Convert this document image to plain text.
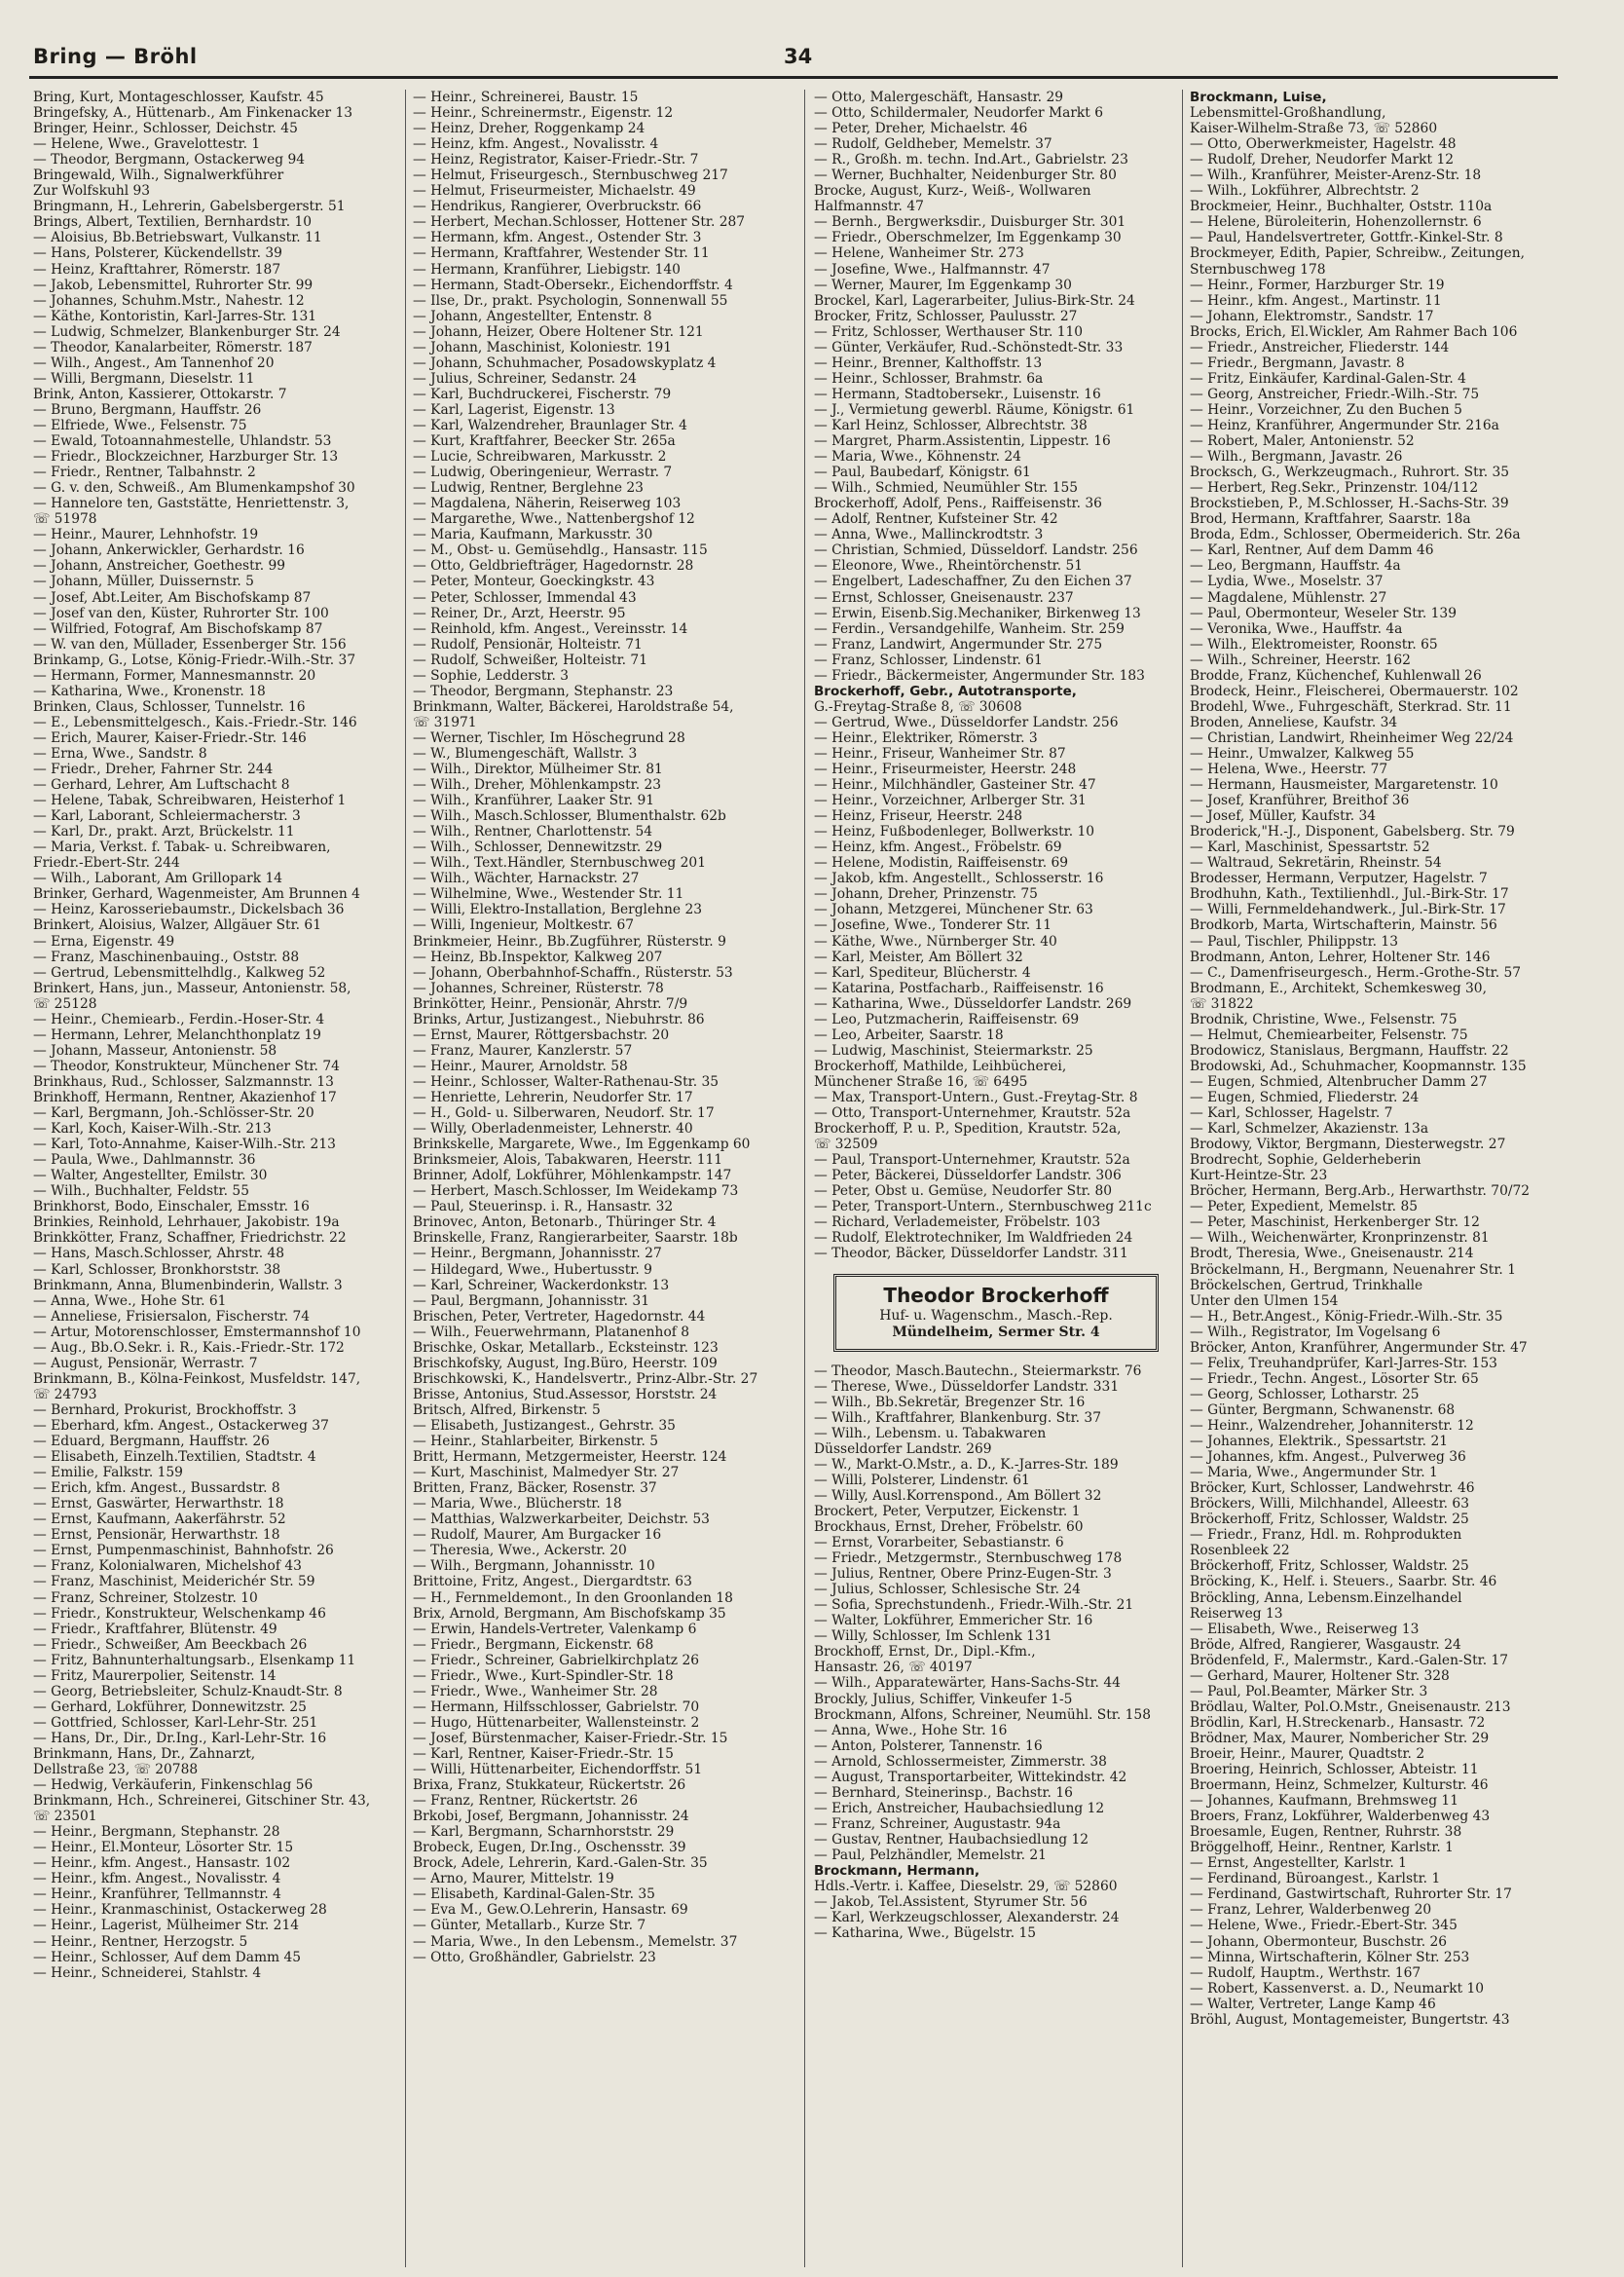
Bring — Bröhl	34
Bring, Kurt, Montageschlosser, Kaufstr. 45
Bringefsky, A., Hüttenarb., Am Finkenacker 13
Bringer, Heinr., Schlosser, Deichstr. 45
— Helene, Wwe., Gravelottestr. 1
— Theodor, Bergmann, Ostackerweg 94
Bringewald, Wilh., Signalwerkführer
Zur Wolfskuhl 93
Bringmann, H., Lehrerin, Gabelsbergerstr. 51
Brings, Albert, Textilien, Bernhardstr. 10
— Aloisius, Bb.Betriebswart, Vulkanstr. 11
— Hans, Polsterer, Kückendellstr. 39
— Heinz, Krafttahrer, Römerstr. 187
— Jakob, Lebensmittel, Ruhrorter Str. 99
— Johannes, Schuhm.Mstr., Nahestr. 12
— Käthe, Kontoristin, Karl-Jarres-Str. 131
— Ludwig, Schmelzer, Blankenburger Str. 24
— Theodor, Kanalarbeiter, Römerstr. 187
— Wilh., Angest., Am Tannenhof 20
— Willi, Bergmann, Dieselstr. 11
Brink, Anton, Kassierer, Ottokarstr. 7
— Bruno, Bergmann, Hauffstr. 26
— Elfriede, Wwe., Felsenstr. 75
— Ewald, Totoannahmestelle, Uhlandstr. 53
— Friedr., Blockzeichner, Harzburger Str. 13
— Friedr., Rentner, Talbahnstr. 2
— G. v. den, Schweiß., Am Blumenkampshof 30
— Hannelore ten, Gaststätte, Henriettenstr. 3,
☏ 51978
— Heinr., Maurer, Lehnhofstr. 19
— Johann, Ankerwickler, Gerhardstr. 16
— Johann, Anstreicher, Goethestr. 99
— Johann, Müller, Duissernstr. 5
— Josef, Abt.Leiter, Am Bischofskamp 87
— Josef van den, Küster, Ruhrorter Str. 100
— Wilfried, Fotograf, Am Bischofskamp 87
— W. van den, Müllader, Essenberger Str. 156
Brinkamp, G., Lotse, König-Friedr.-Wilh.-Str. 37
— Hermann, Former, Mannesmannstr. 20
— Katharina, Wwe., Kronenstr. 18
Brinken, Claus, Schlosser, Tunnelstr. 16
— E., Lebensmittelgesch., Kais.-Friedr.-Str. 146
— Erich, Maurer, Kaiser-Friedr.-Str. 146
— Erna, Wwe., Sandstr. 8
— Friedr., Dreher, Fahrner Str. 244
— Gerhard, Lehrer, Am Luftschacht 8
— Helene, Tabak, Schreibwaren, Heisterhof 1
— Karl, Laborant, Schleiermacherstr. 3
— Karl, Dr., prakt. Arzt, Brückelstr. 11
— Maria, Verkst. f. Tabak- u. Schreibwaren,
Friedr.-Ebert-Str. 244
— Wilh., Laborant, Am Grillopark 14
Brinker, Gerhard, Wagenmeister, Am Brunnen 4
— Heinz, Karosseriebaumstr., Dickelsbach 36
Brinkert, Aloisius, Walzer, Allgäuer Str. 61
— Erna, Eigenstr. 49
— Franz, Maschinenbauing., Oststr. 88
— Gertrud, Lebensmittelhdlg., Kalkweg 52
Brinkert, Hans, jun., Masseur, Antonienstr. 58,
☏ 25128
— Heinr., Chemiearb., Ferdin.-Hoser-Str. 4
— Hermann, Lehrer, Melanchthonplatz 19
— Johann, Masseur, Antonienstr. 58
— Theodor, Konstrukteur, Münchener Str. 74
Brinkhaus, Rud., Schlosser, Salzmannstr. 13
Brinkhoff, Hermann, Rentner, Akazienhof 17
— Karl, Bergmann, Joh.-Schlösser-Str. 20
— Karl, Koch, Kaiser-Wilh.-Str. 213
— Karl, Toto-Annahme, Kaiser-Wilh.-Str. 213
— Paula, Wwe., Dahlmannstr. 36
— Walter, Angestellter, Emilstr. 30
— Wilh., Buchhalter, Feldstr. 55
Brinkhorst, Bodo, Einschaler, Emsstr. 16
Brinkies, Reinhold, Lehrhauer, Jakobistr. 19a
Brinkkötter, Franz, Schaffner, Friedrichstr. 22
— Hans, Masch.Schlosser, Ahrstr. 48
— Karl, Schlosser, Bronkhorststr. 38
Brinkmann, Anna, Blumenbinderin, Wallstr. 3
— Anna, Wwe., Hohe Str. 61
— Anneliese, Frisiersalon, Fischerstr. 74
— Artur, Motorenschlosser, Emstermannshof 10
— Aug., Bb.O.Sekr. i. R., Kais.-Friedr.-Str. 172
— August, Pensionär, Werrastr. 7
Brinkmann, B., Kölna-Feinkost, Musfeldstr. 147,
☏ 24793
— Bernhard, Prokurist, Brockhoffstr. 3
— Eberhard, kfm. Angest., Ostackerweg 37
— Eduard, Bergmann, Hauffstr. 26
— Elisabeth, Einzelh.Textilien, Stadtstr. 4
— Emilie, Falkstr. 159
— Erich, kfm. Angest., Bussardstr. 8
— Ernst, Gaswärter, Herwarthstr. 18
— Ernst, Kaufmann, Aakerfährstr. 52
— Ernst, Pensionär, Herwarthstr. 18
— Ernst, Pumpenmaschinist, Bahnhofstr. 26
— Franz, Kolonialwaren, Michelshof 43
— Franz, Maschinist, Meiderichér Str. 59
— Franz, Schreiner, Stolzestr. 10
— Friedr., Konstrukteur, Welschenkamp 46
— Friedr., Kraftfahrer, Blütenstr. 49
— Friedr., Schweißer, Am Beeckbach 26
— Fritz, Bahnunterhaltungsarb., Elsenkamp 11
— Fritz, Maurerpolier, Seitenstr. 14
— Georg, Betriebsleiter, Schulz-Knaudt-Str. 8
— Gerhard, Lokführer, Donnewitzstr. 25
— Gottfried, Schlosser, Karl-Lehr-Str. 251
— Hans, Dr., Dir., Dr.Ing., Karl-Lehr-Str. 16
Brinkmann, Hans, Dr., Zahnarzt,
Dellstraße 23, ☏ 20788
— Hedwig, Verkäuferin, Finkenschlag 56
Brinkmann, Hch., Schreinerei, Gitschiner Str. 43,
☏ 23501
— Heinr., Bergmann, Stephanstr. 28
— Heinr., El.Monteur, Lösorter Str. 15
— Heinr., kfm. Angest., Hansastr. 102
— Heinr., kfm. Angest., Novalisstr. 4
— Heinr., Kranführer, Tellmannstr. 4
— Heinr., Kranmaschinist, Ostackerweg 28
— Heinr., Lagerist, Mülheimer Str. 214
— Heinr., Rentner, Herzogstr. 5
— Heinr., Schlosser, Auf dem Damm 45
— Heinr., Schneiderei, Stahlstr. 4
— Heinr., Schreinerei, Baustr. 15
— Heinr., Schreinermstr., Eigenstr. 12
— Heinz, Dreher, Roggenkamp 24
— Heinz, kfm. Angest., Novalisstr. 4
— Heinz, Registrator, Kaiser-Friedr.-Str. 7
— Helmut, Friseurgesch., Sternbuschweg 217
— Helmut, Friseurmeister, Michaelstr. 49
— Hendrikus, Rangierer, Overbruckstr. 66
— Herbert, Mechan.Schlosser, Hottener Str. 287
— Hermann, kfm. Angest., Ostender Str. 3
— Hermann, Kraftfahrer, Westender Str. 11
— Hermann, Kranführer, Liebigstr. 140
— Hermann, Stadt-Obersekr., Eichendorffstr. 4
— Ilse, Dr., prakt. Psychologin, Sonnenwall 55
— Johann, Angestellter, Entenstr. 8
— Johann, Heizer, Obere Holtener Str. 121
— Johann, Maschinist, Koloniestr. 191
— Johann, Schuhmacher, Posadowskyplatz 4
— Julius, Schreiner, Sedanstr. 24
— Karl, Buchdruckerei, Fischerstr. 79
— Karl, Lagerist, Eigenstr. 13
— Karl, Walzendreher, Braunlager Str. 4
— Kurt, Kraftfahrer, Beecker Str. 265a
— Lucie, Schreibwaren, Markusstr. 2
— Ludwig, Oberingenieur, Werrastr. 7
— Ludwig, Rentner, Berglehne 23
— Magdalena, Näherin, Reiserweg 103
— Margarethe, Wwe., Nattenbergshof 12
— Maria, Kaufmann, Markusstr. 30
— M., Obst- u. Gemüsehdlg., Hansastr. 115
— Otto, Geldbriefträger, Hagedornstr. 28
— Peter, Monteur, Goeckingkstr. 43
— Peter, Schlosser, Immendal 43
— Reiner, Dr., Arzt, Heerstr. 95
— Reinhold, kfm. Angest., Vereinsstr. 14
— Rudolf, Pensionär, Holteistr. 71
— Rudolf, Schweißer, Holteistr. 71
— Sophie, Ledderstr. 3
— Theodor, Bergmann, Stephanstr. 23
Brinkmann, Walter, Bäckerei, Haroldstraße 54,
☏ 31971
— Werner, Tischler, Im Höschegrund 28
— W., Blumengeschäft, Wallstr. 3
— Wilh., Direktor, Mülheimer Str. 81
— Wilh., Dreher, Möhlenkampstr. 23
— Wilh., Kranführer, Laaker Str. 91
— Wilh., Masch.Schlosser, Blumenthalstr. 62b
— Wilh., Rentner, Charlottenstr. 54
— Wilh., Schlosser, Dennewitzstr. 29
— Wilh., Text.Händler, Sternbuschweg 201
— Wilh., Wächter, Harnackstr. 27
— Wilhelmine, Wwe., Westender Str. 11
— Willi, Elektro-Installation, Berglehne 23
— Willi, Ingenieur, Moltkestr. 67
Brinkmeier, Heinr., Bb.Zugführer, Rüsterstr. 9
— Heinz, Bb.Inspektor, Kalkweg 207
— Johann, Oberbahnhof-Schaffn., Rüsterstr. 53
— Johannes, Schreiner, Rüsterstr. 78
Brinkötter, Heinr., Pensionär, Ahrstr. 7/9
Brinks, Artur, Justizangest., Niebuhrstr. 86
— Ernst, Maurer, Röttgersbachstr. 20
— Franz, Maurer, Kanzlerstr. 57
— Heinr., Maurer, Arnoldstr. 58
— Heinr., Schlosser, Walter-Rathenau-Str. 35
— Henriette, Lehrerin, Neudorfer Str. 17
— H., Gold- u. Silberwaren, Neudorf. Str. 17
— Willy, Oberladenmeister, Lehnerstr. 40
Brinkskelle, Margarete, Wwe., Im Eggenkamp 60
Brinksmeier, Alois, Tabakwaren, Heerstr. 111
Brinner, Adolf, Lokführer, Möhlenkampstr. 147
— Herbert, Masch.Schlosser, Im Weidekamp 73
— Paul, Steuerinsp. i. R., Hansastr. 32
Brinovec, Anton, Betonarb., Thüringer Str. 4
Brinskelle, Franz, Rangierarbeiter, Saarstr. 18b
— Heinr., Bergmann, Johannisstr. 27
— Hildegard, Wwe., Hubertusstr. 9
— Karl, Schreiner, Wackerdonkstr. 13
— Paul, Bergmann, Johannisstr. 31
Brischen, Peter, Vertreter, Hagedornstr. 44
— Wilh., Feuerwehrmann, Platanenhof 8
Brischke, Oskar, Metallarb., Ecksteinstr. 123
Brischkofsky, August, Ing.Büro, Heerstr. 109
Brischkowski, K., Handelsvertr., Prinz-Albr.-Str. 27
Brisse, Antonius, Stud.Assessor, Horststr. 24
Britsch, Alfred, Birkenstr. 5
— Elisabeth, Justizangest., Gehrstr. 35
— Heinr., Stahlarbeiter, Birkenstr. 5
Britt, Hermann, Metzgermeister, Heerstr. 124
— Kurt, Maschinist, Malmedyer Str. 27
Britten, Franz, Bäcker, Rosenstr. 37
— Maria, Wwe., Blücherstr. 18
— Matthias, Walzwerkarbeiter, Deichstr. 53
— Rudolf, Maurer, Am Burgacker 16
— Theresia, Wwe., Ackerstr. 20
— Wilh., Bergmann, Johannisstr. 10
Brittoine, Fritz, Angest., Diergardtstr. 63
— H., Fernmeldemont., In den Groonlanden 18
Brix, Arnold, Bergmann, Am Bischofskamp 35
— Erwin, Handels-Vertreter, Valenkamp 6
— Friedr., Bergmann, Eickenstr. 68
— Friedr., Schreiner, Gabrielkirchplatz 26
— Friedr., Wwe., Kurt-Spindler-Str. 18
— Friedr., Wwe., Wanheimer Str. 28
— Hermann, Hilfsschlosser, Gabrielstr. 70
— Hugo, Hüttenarbeiter, Wallensteinstr. 2
— Josef, Bürstenmacher, Kaiser-Friedr.-Str. 15
— Karl, Rentner, Kaiser-Friedr.-Str. 15
— Willi, Hüttenarbeiter, Eichendorffstr. 51
Brixa, Franz, Stukkateur, Rückertstr. 26
— Franz, Rentner, Rückertstr. 26
Brkobi, Josef, Bergmann, Johannisstr. 24
— Karl, Bergmann, Scharnhorststr. 29
Brobeck, Eugen, Dr.Ing., Oschensstr. 39
Brock, Adele, Lehrerin, Kard.-Galen-Str. 35
— Arno, Maurer, Mittelstr. 19
— Elisabeth, Kardinal-Galen-Str. 35
— Eva M., Gew.O.Lehrerin, Hansastr. 69
— Günter, Metallarb., Kurze Str. 7
— Maria, Wwe., In den Lebensm., Memelstr. 37
— Otto, Großhändler, Gabrielstr. 23
— Otto, Malergeschäft, Hansastr. 29
— Otto, Schildermaler, Neudorfer Markt 6
— Peter, Dreher, Michaelstr. 46
— Rudolf, Geldheber, Memelstr. 37
— R., Großh. m. techn. Ind.Art., Gabrielstr. 23
— Werner, Buchhalter, Neidenburger Str. 80
Brocke, August, Kurz-, Weiß-, Wollwaren
Halfmannstr. 47
— Bernh., Bergwerksdir., Duisburger Str. 301
— Friedr., Oberschmelzer, Im Eggenkamp 30
— Helene, Wanheimer Str. 273
— Josefine, Wwe., Halfmannstr. 47
— Werner, Maurer, Im Eggenkamp 30
Brockel, Karl, Lagerarbeiter, Julius-Birk-Str. 24
Brocker, Fritz, Schlosser, Paulusstr. 27
— Fritz, Schlosser, Werthauser Str. 110
— Günter, Verkäufer, Rud.-Schönstedt-Str. 33
— Heinr., Brenner, Kalthoffstr. 13
— Heinr., Schlosser, Brahmstr. 6a
— Hermann, Stadtobersekr., Luisenstr. 16
— J., Vermietung gewerbl. Räume, Königstr. 61
— Karl Heinz, Schlosser, Albrechtstr. 38
— Margret, Pharm.Assistentin, Lippestr. 16
— Maria, Wwe., Köhnenstr. 24
— Paul, Baubedarf, Königstr. 61
— Wilh., Schmied, Neumühler Str. 155
Brockerhoff, Adolf, Pens., Raiffeisenstr. 36
— Adolf, Rentner, Kufsteiner Str. 42
— Anna, Wwe., Mallinckrodtstr. 3
— Christian, Schmied, Düsseldorf. Landstr. 256
— Eleonore, Wwe., Rheintörchenstr. 51
— Engelbert, Ladeschaffner, Zu den Eichen 37
— Ernst, Schlosser, Gneisenaustr. 237
— Erwin, Eisenb.Sig.Mechaniker, Birkenweg 13
— Ferdin., Versandgehilfe, Wanheim. Str. 259
— Franz, Landwirt, Angermunder Str. 275
— Franz, Schlosser, Lindenstr. 61
— Friedr., Bäckermeister, Angermunder Str. 183
Brockerhoff, Gebr., Autotransporte,
G.-Freytag-Straße 8, ☏ 30608
— Gertrud, Wwe., Düsseldorfer Landstr. 256
— Heinr., Elektriker, Römerstr. 3
— Heinr., Friseur, Wanheimer Str. 87
— Heinr., Friseurmeister, Heerstr. 248
— Heinr., Milchhändler, Gasteiner Str. 47
— Heinr., Vorzeichner, Arlberger Str. 31
— Heinz, Friseur, Heerstr. 248
— Heinz, Fußbodenleger, Bollwerkstr. 10
— Heinz, kfm. Angest., Fröbelstr. 69
— Helene, Modistin, Raiffeisenstr. 69
— Jakob, kfm. Angestellt., Schlosserstr. 16
— Johann, Dreher, Prinzenstr. 75
— Johann, Metzgerei, Münchener Str. 63
— Josefine, Wwe., Tonderer Str. 11
— Käthe, Wwe., Nürnberger Str. 40
— Karl, Meister, Am Böllert 32
— Karl, Spediteur, Blücherstr. 4
— Katarina, Postfacharb., Raiffeisenstr. 16
— Katharina, Wwe., Düsseldorfer Landstr. 269
— Leo, Putzmacherin, Raiffeisenstr. 69
— Leo, Arbeiter, Saarstr. 18
— Ludwig, Maschinist, Steiermarkstr. 25
Brockerhoff, Mathilde, Leihbücherei,
Münchener Straße 16, ☏ 6495
— Max, Transport-Untern., Gust.-Freytag-Str. 8
— Otto, Transport-Unternehmer, Krautstr. 52a
Brockerhoff, P. u. P., Spedition, Krautstr. 52a,
☏ 32509
— Paul, Transport-Unternehmer, Krautstr. 52a
— Peter, Bäckerei, Düsseldorfer Landstr. 306
— Peter, Obst u. Gemüse, Neudorfer Str. 80
— Peter, Transport-Untern., Sternbuschweg 211c
— Richard, Verlademeister, Fröbelstr. 103
— Rudolf, Elektrotechniker, Im Waldfrieden 24
— Theodor, Bäcker, Düsseldorfer Landstr. 311
Theodor Brockerhoff
Huf- u. Wagenschm., Masch.-Rep.
Mündelheim, Sermer Str. 4
— Theodor, Masch.Bautechn., Steiermarkstr. 76
— Therese, Wwe., Düsseldorfer Landstr. 331
— Wilh., Bb.Sekretär, Bregenzer Str. 16
— Wilh., Kraftfahrer, Blankenburg. Str. 37
— Wilh., Lebensm. u. Tabakwaren
Düsseldorfer Landstr. 269
— W., Markt-O.Mstr., a. D., K.-Jarres-Str. 189
— Willi, Polsterer, Lindenstr. 61
— Willy, Ausl.Korrenspond., Am Böllert 32
Brockert, Peter, Verputzer, Eickenstr. 1
Brockhaus, Ernst, Dreher, Fröbelstr. 60
— Ernst, Vorarbeiter, Sebastianstr. 6
— Friedr., Metzgermstr., Sternbuschweg 178
— Julius, Rentner, Obere Prinz-Eugen-Str. 3
— Julius, Schlosser, Schlesische Str. 24
— Sofia, Sprechstundenh., Friedr.-Wilh.-Str. 21
— Walter, Lokführer, Emmericher Str. 16
— Willy, Schlosser, Im Schlenk 131
Brockhoff, Ernst, Dr., Dipl.-Kfm.,
Hansastr. 26, ☏ 40197
— Wilh., Apparatewärter, Hans-Sachs-Str. 44
Brockly, Julius, Schiffer, Vinkeufer 1-5
Brockmann, Alfons, Schreiner, Neumühl. Str. 158
— Anna, Wwe., Hohe Str. 16
— Anton, Polsterer, Tannenstr. 16
— Arnold, Schlossermeister, Zimmerstr. 38
— August, Transportarbeiter, Wittekindstr. 42
— Bernhard, Steinerinsp., Bachstr. 16
— Erich, Anstreicher, Haubachsiedlung 12
— Franz, Schreiner, Augustastr. 94a
— Gustav, Rentner, Haubachsiedlung 12
— Paul, Pelzhändler, Memelstr. 21
Brockmann, Hermann,
Hdls.-Vertr. i. Kaffee, Dieselstr. 29, ☏ 52860
— Jakob, Tel.Assistent, Styrumer Str. 56
— Karl, Werkzeugschlosser, Alexanderstr. 24
— Katharina, Wwe., Bügelstr. 15
Brockmann, Luise,
Lebensmittel-Großhandlung,
Kaiser-Wilhelm-Straße 73, ☏ 52860
— Otto, Oberwerkmeister, Hagelstr. 48
— Rudolf, Dreher, Neudorfer Markt 12
— Wilh., Kranführer, Meister-Arenz-Str. 18
— Wilh., Lokführer, Albrechtstr. 2
Brockmeier, Heinr., Buchhalter, Oststr. 110a
— Helene, Büroleiterin, Hohenzollernstr. 6
— Paul, Handelsvertreter, Gottfr.-Kinkel-Str. 8
Brockmeyer, Edith, Papier, Schreibw., Zeitungen,
Sternbuschweg 178
— Heinr., Former, Harzburger Str. 19
— Heinr., kfm. Angest., Martinstr. 11
— Johann, Elektromstr., Sandstr. 17
Brocks, Erich, El.Wickler, Am Rahmer Bach 106
— Friedr., Anstreicher, Fliederstr. 144
— Friedr., Bergmann, Javastr. 8
— Fritz, Einkäufer, Kardinal-Galen-Str. 4
— Georg, Anstreicher, Friedr.-Wilh.-Str. 75
— Heinr., Vorzeichner, Zu den Buchen 5
— Heinz, Kranführer, Angermunder Str. 216a
— Robert, Maler, Antonienstr. 52
— Wilh., Bergmann, Javastr. 26
Brocksch, G., Werkzeugmach., Ruhrort. Str. 35
— Herbert, Reg.Sekr., Prinzenstr. 104/112
Brockstieben, P., M.Schlosser, H.-Sachs-Str. 39
Brod, Hermann, Kraftfahrer, Saarstr. 18a
Broda, Edm., Schlosser, Obermeiderich. Str. 26a
— Karl, Rentner, Auf dem Damm 46
— Leo, Bergmann, Hauffstr. 4a
— Lydia, Wwe., Moselstr. 37
— Magdalene, Mühlenstr. 27
— Paul, Obermonteur, Weseler Str. 139
— Veronika, Wwe., Hauffstr. 4a
— Wilh., Elektromeister, Roonstr. 65
— Wilh., Schreiner, Heerstr. 162
Brodde, Franz, Küchenchef, Kuhlenwall 26
Brodeck, Heinr., Fleischerei, Obermauerstr. 102
Brodehl, Wwe., Fuhrgeschäft, Sterkrad. Str. 11
Broden, Anneliese, Kaufstr. 34
— Christian, Landwirt, Rheinheimer Weg 22/24
— Heinr., Umwalzer, Kalkweg 55
— Helena, Wwe., Heerstr. 77
— Hermann, Hausmeister, Margaretenstr. 10
— Josef, Kranführer, Breithof 36
— Josef, Müller, Kaufstr. 34
Broderick,"H.-J., Disponent, Gabelsberg. Str. 79
— Karl, Maschinist, Spessartstr. 52
— Waltraud, Sekretärin, Rheinstr. 54
Brodesser, Hermann, Verputzer, Hagelstr. 7
Brodhuhn, Kath., Textilienhdl., Jul.-Birk-Str. 17
— Willi, Fernmeldehandwerk., Jul.-Birk-Str. 17
Brodkorb, Marta, Wirtschafterin, Mainstr. 56
— Paul, Tischler, Philippstr. 13
Brodmann, Anton, Lehrer, Holtener Str. 146
— C., Damenfriseurgesch., Herm.-Grothe-Str. 57
Brodmann, E., Architekt, Schemkesweg 30,
☏ 31822
Brodnik, Christine, Wwe., Felsenstr. 75
— Helmut, Chemiearbeiter, Felsenstr. 75
Brodowicz, Stanislaus, Bergmann, Hauffstr. 22
Brodowski, Ad., Schuhmacher, Koopmannstr. 135
— Eugen, Schmied, Altenbrucher Damm 27
— Eugen, Schmied, Fliederstr. 24
— Karl, Schlosser, Hagelstr. 7
— Karl, Schmelzer, Akazienstr. 13a
Brodowy, Viktor, Bergmann, Diesterwegstr. 27
Brodrecht, Sophie, Gelderheberin
Kurt-Heintze-Str. 23
Bröcher, Hermann, Berg.Arb., Herwarthstr. 70/72
— Peter, Expedient, Memelstr. 85
— Peter, Maschinist, Herkenberger Str. 12
— Wilh., Weichenwärter, Kronprinzenstr. 81
Brodt, Theresia, Wwe., Gneisenaustr. 214
Bröckelmann, H., Bergmann, Neuenahrer Str. 1
Bröckelschen, Gertrud, Trinkhalle
Unter den Ulmen 154
— H., Betr.Angest., König-Friedr.-Wilh.-Str. 35
— Wilh., Registrator, Im Vogelsang 6
Bröcker, Anton, Kranführer, Angermunder Str. 47
— Felix, Treuhandprüfer, Karl-Jarres-Str. 153
— Friedr., Techn. Angest., Lösorter Str. 65
— Georg, Schlosser, Lotharstr. 25
— Günter, Bergmann, Schwanenstr. 68
— Heinr., Walzendreher, Johanniterstr. 12
— Johannes, Elektrik., Spessartstr. 21
— Johannes, kfm. Angest., Pulverweg 36
— Maria, Wwe., Angermunder Str. 1
Bröcker, Kurt, Schlosser, Landwehrstr. 46
Bröckers, Willi, Milchhandel, Alleestr. 63
Bröckerhoff, Fritz, Schlosser, Waldstr. 25
— Friedr., Franz, Hdl. m. Rohprodukten
Rosenbleek 22
Bröckerhoff, Fritz, Schlosser, Waldstr. 25
Bröcking, K., Helf. i. Steuers., Saarbr. Str. 46
Bröckling, Anna, Lebensm.Einzelhandel
Reiserweg 13
— Elisabeth, Wwe., Reiserweg 13
Bröde, Alfred, Rangierer, Wasgaustr. 24
Brödenfeld, F., Malermstr., Kard.-Galen-Str. 17
— Gerhard, Maurer, Holtener Str. 328
— Paul, Pol.Beamter, Märker Str. 3
Brödlau, Walter, Pol.O.Mstr., Gneisenaustr. 213
Brödlin, Karl, H.Streckenarb., Hansastr. 72
Brödner, Max, Maurer, Nombericher Str. 29
Broeir, Heinr., Maurer, Quadtstr. 2
Broering, Heinrich, Schlosser, Abteistr. 11
Broermann, Heinz, Schmelzer, Kulturstr. 46
— Johannes, Kaufmann, Brehmsweg 11
Broers, Franz, Lokführer, Walderbenweg 43
Broesamle, Eugen, Rentner, Ruhrstr. 38
Bröggelhoff, Heinr., Rentner, Karlstr. 1
— Ernst, Angestellter, Karlstr. 1
— Ferdinand, Büroangest., Karlstr. 1
— Ferdinand, Gastwirtschaft, Ruhrorter Str. 17
— Franz, Lehrer, Walderbenweg 20
— Helene, Wwe., Friedr.-Ebert-Str. 345
— Johann, Obermonteur, Buschstr. 26
— Minna, Wirtschafterin, Kölner Str. 253
— Rudolf, Hauptm., Werthstr. 167
— Robert, Kassenverst. a. D., Neumarkt 10
— Walter, Vertreter, Lange Kamp 46
Bröhl, August, Montagemeister, Bungertstr. 43
